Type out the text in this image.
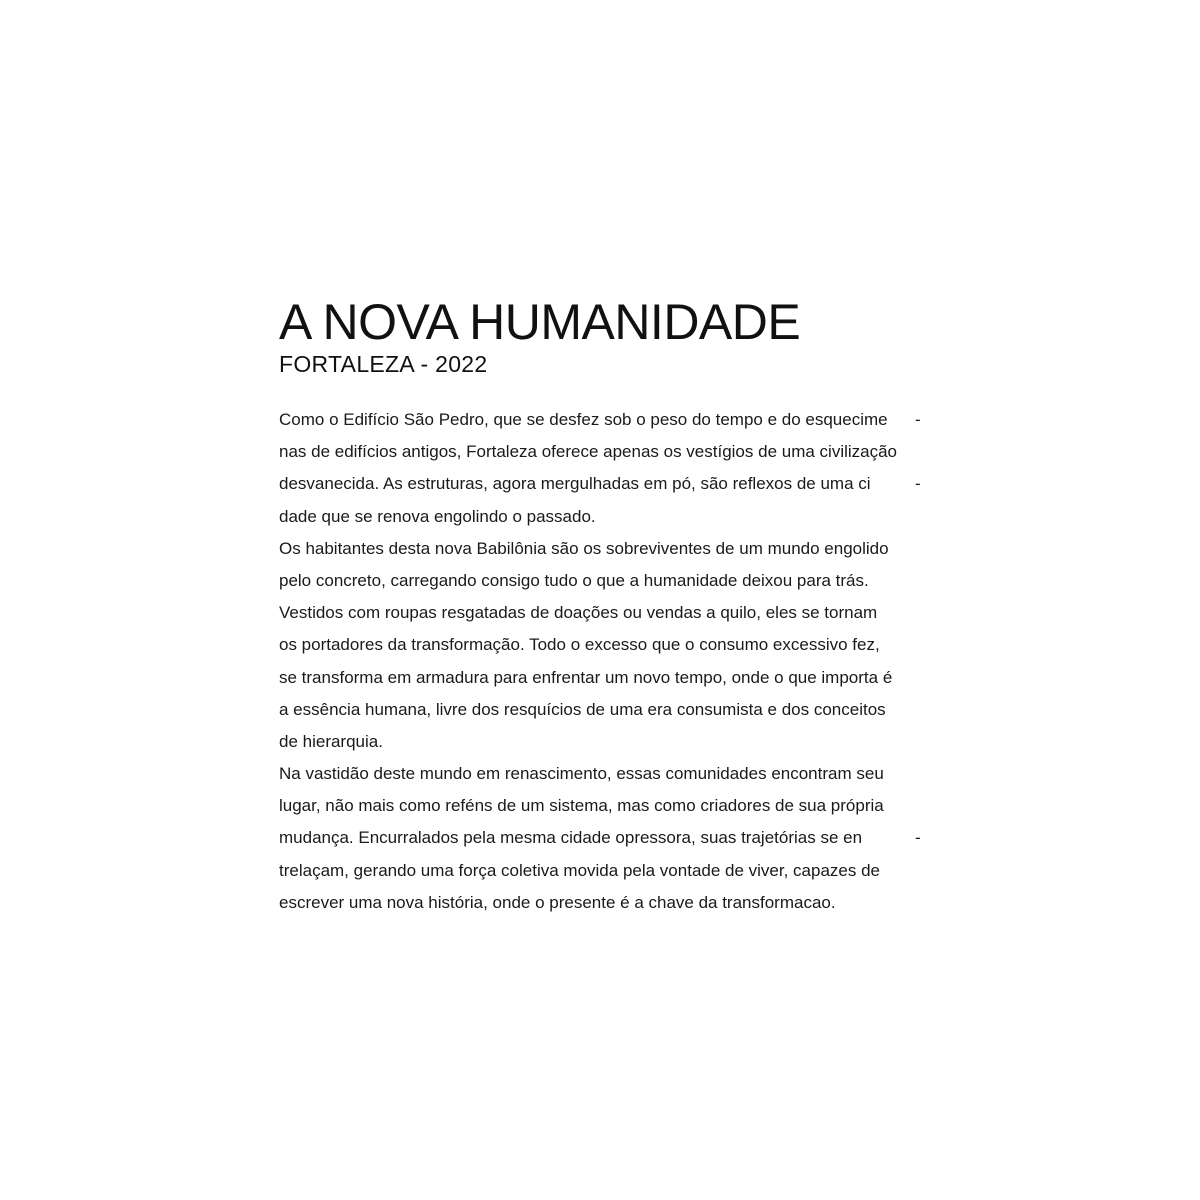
A NOVA HUMANIDADE
FORTALEZA - 2022
Como o Edifício São Pedro, que se desfez sob o peso do tempo e do esquecime -
nas de edifícios antigos, Fortaleza oferece apenas os vestígios de uma civilização
desvanecida. As estruturas, agora mergulhadas em pó, são reflexos de uma ci	-
dade que se renova engolindo o passado.
Os habitantes desta nova Babilônia são os sobreviventes de um mundo engolido
pelo concreto, carregando consigo tudo o que a humanidade deixou para trás.
Vestidos com roupas resgatadas de doações ou vendas a quilo, eles se tornam
os portadores da transformação. Todo o excesso que o consumo excessivo fez,
se transforma em armadura para enfrentar um novo tempo, onde o que importa é
a essência humana, livre dos resquícios de uma era consumista e dos conceitos
de hierarquia.
Na vastidão deste mundo em renascimento, essas comunidades encontram seu
lugar, não mais como reféns de um sistema, mas como criadores de sua própria
mudança. Encurralados pela mesma cidade opressora, suas trajetórias se en	-
trelaçam, gerando uma força coletiva movida pela vontade de viver, capazes de
escrever uma nova história, onde o presente é a chave da transformacao.
